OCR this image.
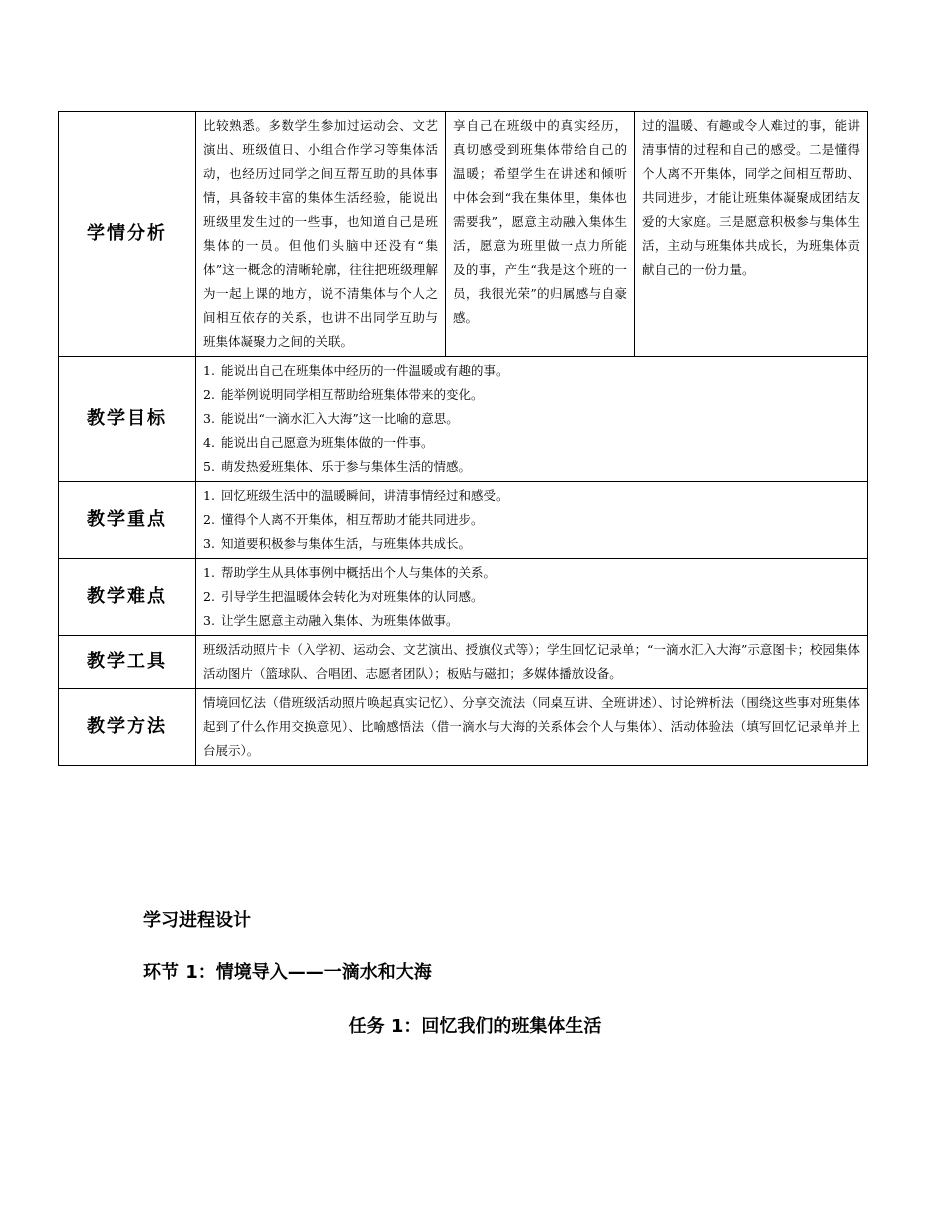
学情分析	比较熟悉。多数学生参加过运动会、文艺演出、班级值日、小组合作学习等集体活动，也经历过同学之间互帮互助的具体事情，具备较丰富的集体生活经验，能说出班级里发生过的一些事，也知道自己是班集体的一员。但他们头脑中还没有“集体”这一概念的清晰轮廓，往往把班级理解为一起上课的地方，说不清集体与个人之间相互依存的关系，也讲不出同学互助与班集体凝聚力之间的关联。	享自己在班级中的真实经历，真切感受到班集体带给自己的温暖；希望学生在讲述和倾听中体会到“我在集体里，集体也需要我”，愿意主动融入集体生活，愿意为班里做一点力所能及的事，产生“我是这个班的一员，我很光荣”的归属感与自豪感。	过的温暖、有趣或令人难过的事，能讲清事情的过程和自己的感受。二是懂得个人离不开集体，同学之间相互帮助、共同进步，才能让班集体凝聚成团结友爱的大家庭。三是愿意积极参与集体生活，主动与班集体共成长，为班集体贡献自己的一份力量。
教学目标	1. 能说出自己在班集体中经历的一件温暖或有趣的事。
2. 能举例说明同学相互帮助给班集体带来的变化。
3. 能说出“一滴水汇入大海”这一比喻的意思。
4. 能说出自己愿意为班集体做的一件事。
5. 萌发热爱班集体、乐于参与集体生活的情感。		

教学重点	1. 回忆班级生活中的温暖瞬间，讲清事情经过和感受。
2. 懂得个人离不开集体，相互帮助才能共同进步。
3. 知道要积极参与集体生活，与班集体共成长。		

教学难点	1. 帮助学生从具体事例中概括出个人与集体的关系。
2. 引导学生把温暖体会转化为对班集体的认同感。
3. 让学生愿意主动融入集体、为班集体做事。		

教学工具	班级活动照片卡（入学初、运动会、文艺演出、授旗仪式等）；学生回忆记录单；“一滴水汇入大海”示意图卡；校园集体活动图片（篮球队、合唱团、志愿者团队）；板贴与磁扣；多媒体播放设备。		
教学方法	情境回忆法（借班级活动照片唤起真实记忆）、分享交流法（同桌互讲、全班讲述）、讨论辨析法（围绕这些事对班集体起到了什么作用交换意见）、比喻感悟法（借一滴水与大海的关系体会个人与集体）、活动体验法（填写回忆记录单并上台展示）。		
学习进程设计
环节 1：情境导入——一滴水和大海
任务 1：回忆我们的班集体生活
